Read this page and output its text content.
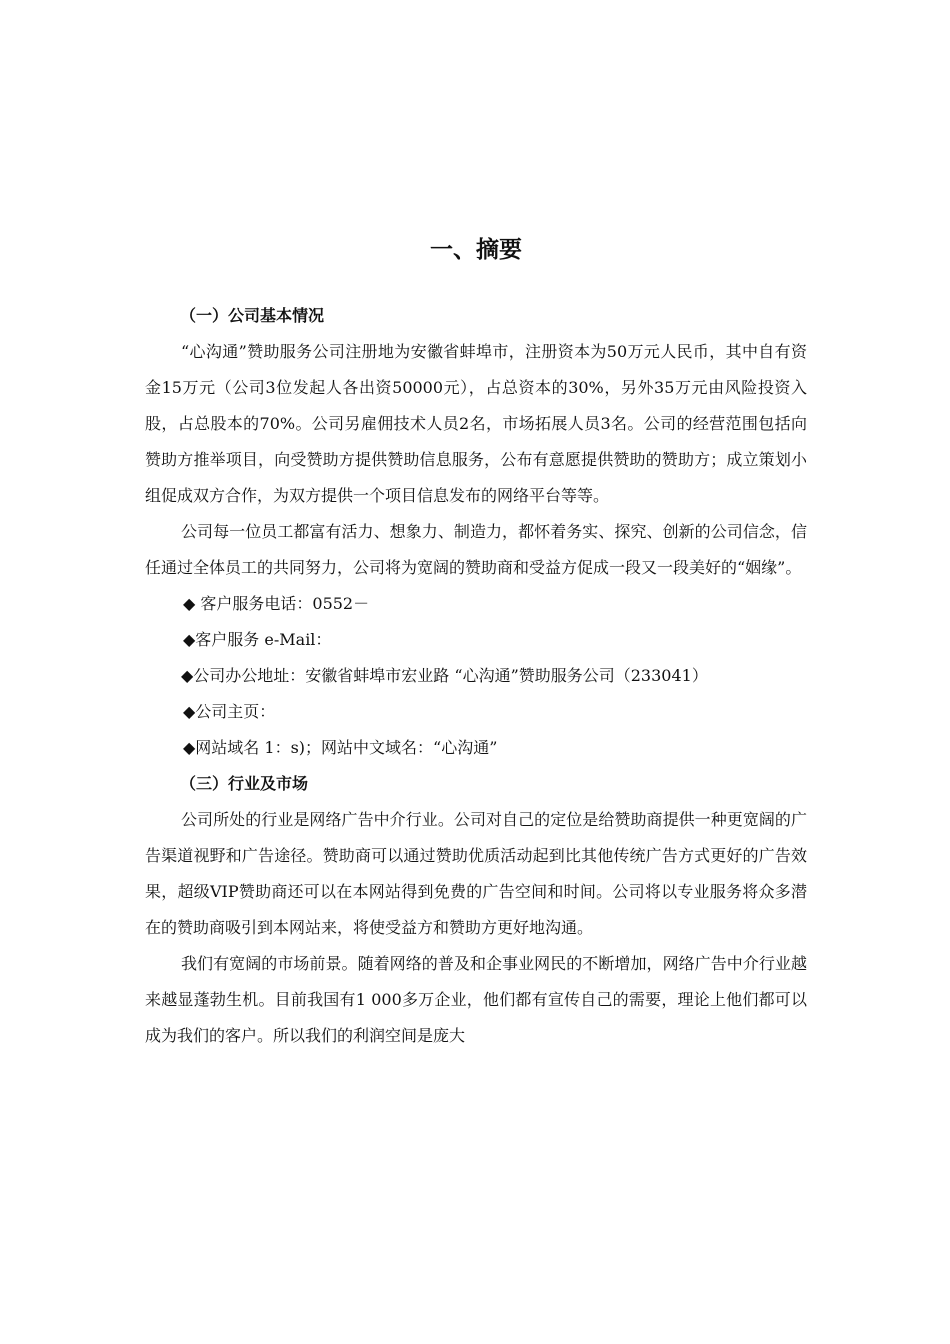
一、摘要
（一）公司基本情况

“心沟通”赞助服务公司注册地为安徽省蚌埠市，注册资本为50万元人民币，其中自有资金15万元（公司3位发起人各出资50000元），占总资本的30%，另外35万元由风险投资入股，占总股本的70%。公司另雇佣技术人员2名，市场拓展人员3名。公司的经营范围包括向赞助方推举项目，向受赞助方提供赞助信息服务，公布有意愿提供赞助的赞助方；成立策划小组促成双方合作，为双方提供一个项目信息发布的网络平台等等。

公司每一位员工都富有活力、想象力、制造力，都怀着务实、探究、创新的公司信念，信任通过全体员工的共同努力，公司将为宽阔的赞助商和受益方促成一段又一段美好的“姻缘”。

◆ 客户服务电话：0552－

◆客户服务 e-Mail：

◆公司办公地址：安徽省蚌埠市宏业路 “心沟通”赞助服务公司（233041）

◆公司主页：

◆网站域名 1：s)；网站中文域名：“心沟通”

（三）行业及市场

公司所处的行业是网络广告中介行业。公司对自己的定位是给赞助商提供一种更宽阔的广告渠道视野和广告途径。赞助商可以通过赞助优质活动起到比其他传统广告方式更好的广告效果，超级VIP赞助商还可以在本网站得到免费的广告空间和时间。公司将以专业服务将众多潜在的赞助商吸引到本网站来，将使受益方和赞助方更好地沟通。

我们有宽阔的市场前景。随着网络的普及和企事业网民的不断增加，网络广告中介行业越来越显蓬勃生机。目前我国有1 000多万企业，他们都有宣传自己的需要，理论上他们都可以成为我们的客户。所以我们的利润空间是庞大
